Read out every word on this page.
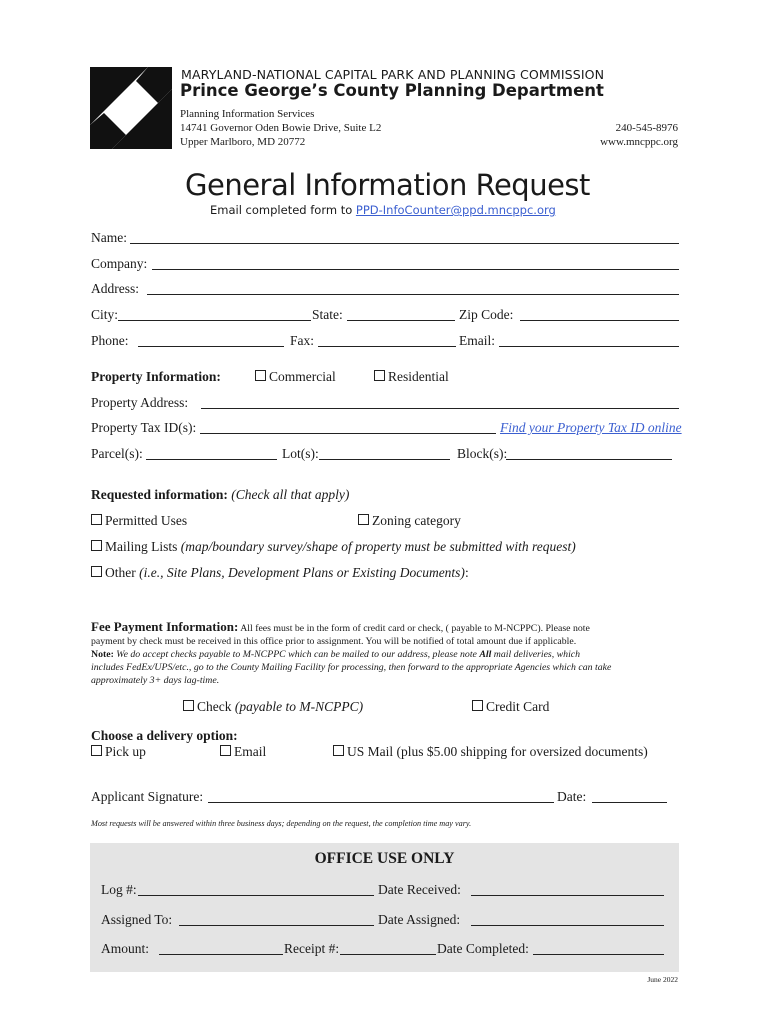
MARYLAND-NATIONAL CAPITAL PARK AND PLANNING COMMISSION
Prince George’s County Planning Department
Planning Information Services
14741 Governor Oden Bowie Drive, Suite L2
Upper Marlboro, MD 20772
240-545-8976
www.mncppc.org
General Information Request
Email completed form to PPD-InfoCounter@ppd.mncppc.org
Name:
Company:
Address:
City:	State:	Zip Code:
Phone:	Fax:	Email:
Property Information:	Commercial	Residential
Property Address:
Property Tax ID(s):	Find your Property Tax ID online
Parcel(s):	Lot(s):	Block(s):
Requested information: (Check all that apply)
Permitted Uses	Zoning category
Mailing Lists (map/boundary survey/shape of property must be submitted with request)
Other (i.e., Site Plans, Development Plans or Existing Documents):
Fee Payment Information: All fees must be in the form of credit card or check, ( payable to M-NCPPC). Please note
payment by check must be received in this office prior to assignment. You will be notified of total amount due if applicable.
Note: We do accept checks payable to M-NCPPC which can be mailed to our address, please note All mail deliveries, which
includes FedEx/UPS/etc., go to the County Mailing Facility for processing, then forward to the appropriate Agencies which can take
approximately 3+ days lag-time.
Check (payable to M-NCPPC)	Credit Card
Choose a delivery option:
Pick up	Email	US Mail (plus $5.00 shipping for oversized documents)
Applicant Signature:	Date:
Most requests will be answered within three business days; depending on the request, the completion time may vary.
OFFICE USE ONLY
Log #:	Date Received:
Assigned To:	Date Assigned:
Amount:	Receipt #:	Date Completed:
June 2022
